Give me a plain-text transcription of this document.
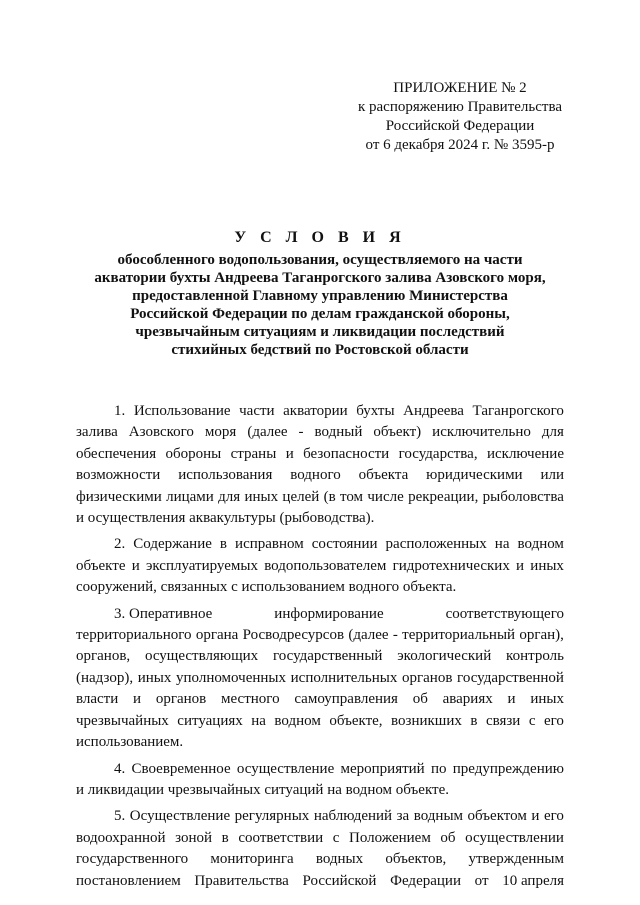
ПРИЛОЖЕНИЕ № 2
к распоряжению Правительства
Российской Федерации
от 6 декабря 2024 г. № 3595-р
У С Л О В И Я
обособленного водопользования, осуществляемого на части
акватории бухты Андреева Таганрогского залива Азовского моря,
предоставленной Главному управлению Министерства
Российской Федерации по делам гражданской обороны,
чрезвычайным ситуациям и ликвидации последствий
стихийных бедствий по Ростовской области
1. Использование части акватории бухты Андреева Таганрогского
залива Азовского моря (далее - водный объект) исключительно для
обеспечения обороны страны и безопасности государства, исключение
возможности использования водного объекта юридическими или
физическими лицами для иных целей (в том числе рекреации, рыболовства
и осуществления аквакультуры (рыбоводства).
2. Содержание в исправном состоянии расположенных на водном
объекте и эксплуатируемых водопользователем гидротехнических и иных
сооружений, связанных с использованием водного объекта.
3. Оперативное	информирование	соответствующего
территориального органа Росводресурсов (далее - территориальный орган),
органов, осуществляющих государственный экологический контроль
(надзор), иных уполномоченных исполнительных органов государственной
власти и органов местного самоуправления об авариях и иных
чрезвычайных ситуациях на водном объекте, возникших в связи с его
использованием.
4. Своевременное осуществление мероприятий по предупреждению
и ликвидации чрезвычайных ситуаций на водном объекте.
5. Осуществление регулярных наблюдений за водным объектом и его
водоохранной зоной в соответствии с Положением об осуществлении
государственного мониторинга водных объектов, утвержденным
постановлением Правительства Российской Федерации от 10 апреля
